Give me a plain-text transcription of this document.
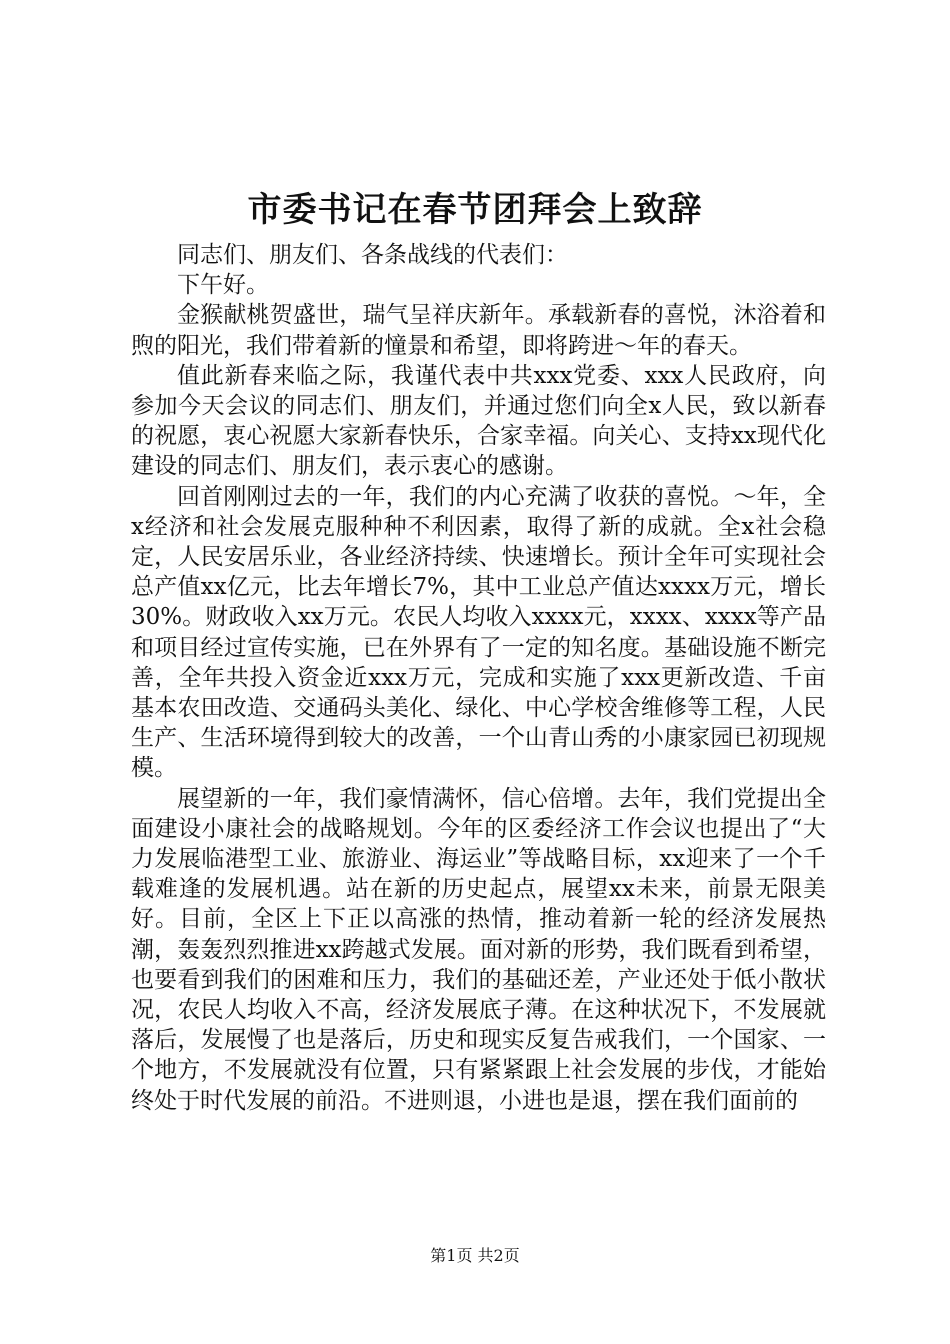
市委书记在春节团拜会上致辞

同志们、朋友们、各条战线的代表们：

下午好。

金猴献桃贺盛世，瑞气呈祥庆新年。承载新春的喜悦，沐浴着和煦的阳光，我们带着新的憧景和希望，即将跨进～年的春天。

值此新春来临之际，我谨代表中共xxx党委、xxx人民政府，向参加今天会议的同志们、朋友们，并通过您们向全x人民，致以新春的祝愿，衷心祝愿大家新春快乐，合家幸福。向关心、支持xx现代化建设的同志们、朋友们，表示衷心的感谢。

回首刚刚过去的一年，我们的内心充满了收获的喜悦。～年，全x经济和社会发展克服种种不利因素，取得了新的成就。全x社会稳定，人民安居乐业，各业经济持续、快速增长。预计全年可实现社会总产值xx亿元，比去年增长7%，其中工业总产值达xxxx万元，增长30%。财政收入xx万元。农民人均收入xxxx元，xxxx、xxxx等产品和项目经过宣传实施，已在外界有了一定的知名度。基础设施不断完善，全年共投入资金近xxx万元，完成和实施了xxx更新改造、千亩基本农田改造、交通码头美化、绿化、中心学校舍维修等工程，人民生产、生活环境得到较大的改善，一个山青山秀的小康家园已初现规模。

展望新的一年，我们豪情满怀，信心倍增。去年，我们党提出全面建设小康社会的战略规划。今年的区委经济工作会议也提出了“大力发展临港型工业、旅游业、海运业”等战略目标，xx迎来了一个千载难逢的发展机遇。站在新的历史起点，展望xx未来，前景无限美好。目前，全区上下正以高涨的热情，推动着新一轮的经济发展热潮，轰轰烈烈推进xx跨越式发展。面对新的形势，我们既看到希望，也要看到我们的困难和压力，我们的基础还差，产业还处于低小散状况，农民人均收入不高，经济发展底子薄。在这种状况下，不发展就落后，发展慢了也是落后，历史和现实反复告戒我们，一个国家、一个地方，不发展就没有位置，只有紧紧跟上社会发展的步伐，才能始终处于时代发展的前沿。不进则退，小进也是退，摆在我们面前的

第1页 共2页
